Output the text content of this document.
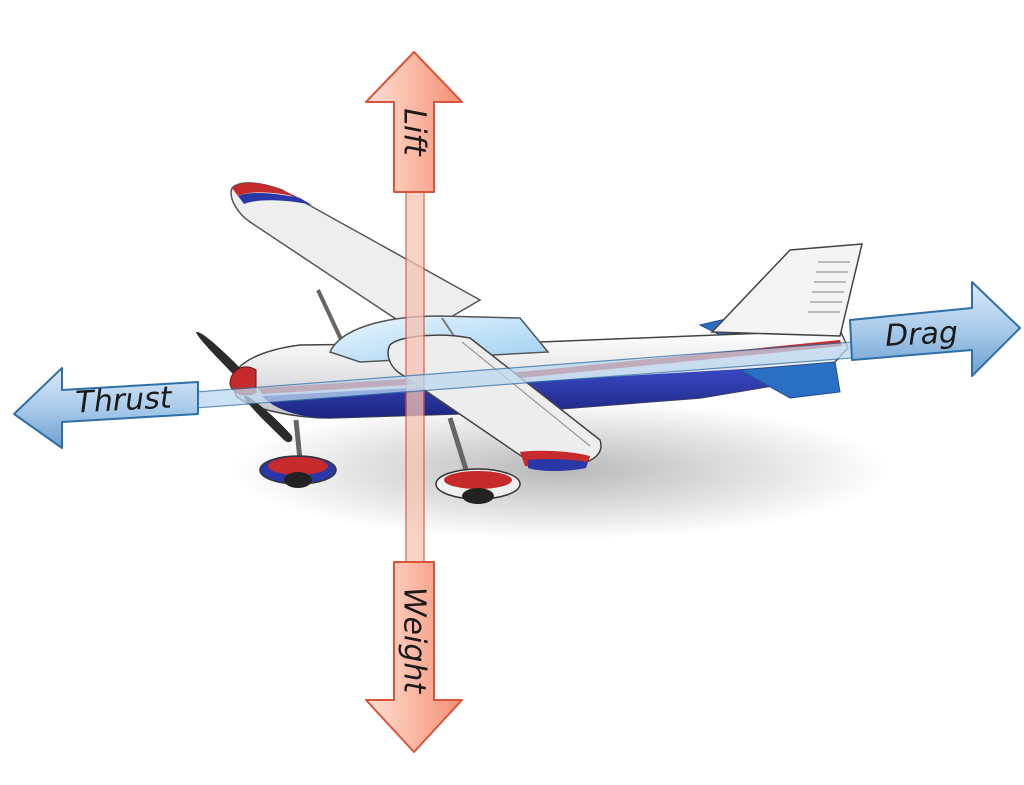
Lift
Weight
Thrust
Drag
